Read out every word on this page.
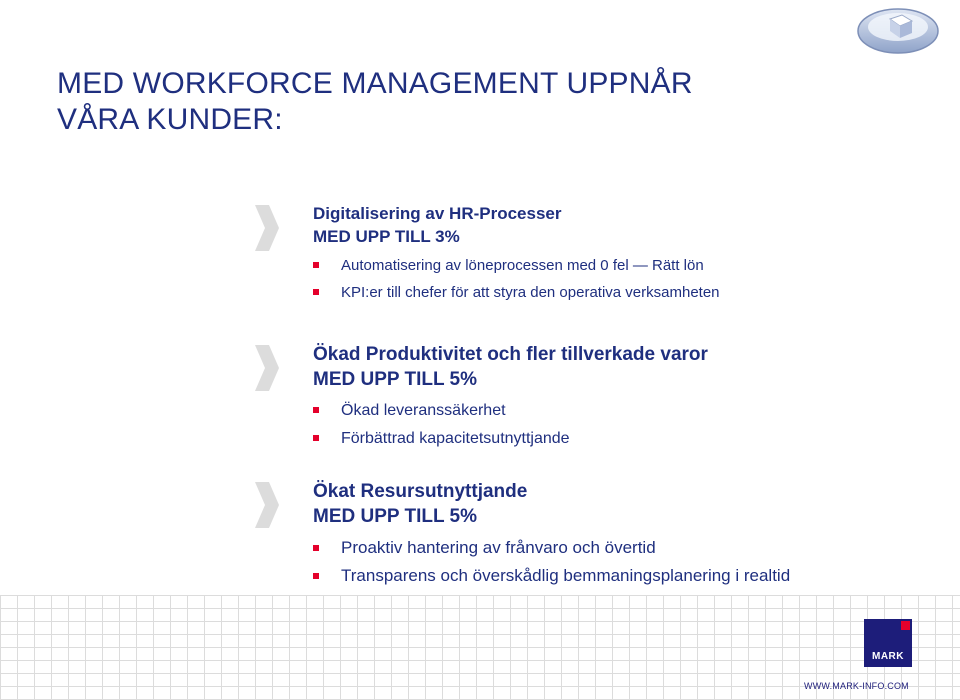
MED WORKFORCE MANAGEMENT UPPNÅR
VÅRA KUNDER:

Digitalisering av HR-Processer

MED UPP TILL 3%

Automatisering av löneprocessen med 0 fel — Rätt lön
KPI:er till chefer för att styra den operativa verksamheten

Ökad Produktivitet och fler tillverkade varor

MED UPP TILL 5%

Ökad leveranssäkerhet
Förbättrad kapacitetsutnyttjande

Ökat Resursutnyttjande

MED UPP TILL 5%

Proaktiv hantering av frånvaro och övertid
Transparens och överskådlig bemmaningsplanering i realtid
MARK
WWW.MARK-INFO.COM
